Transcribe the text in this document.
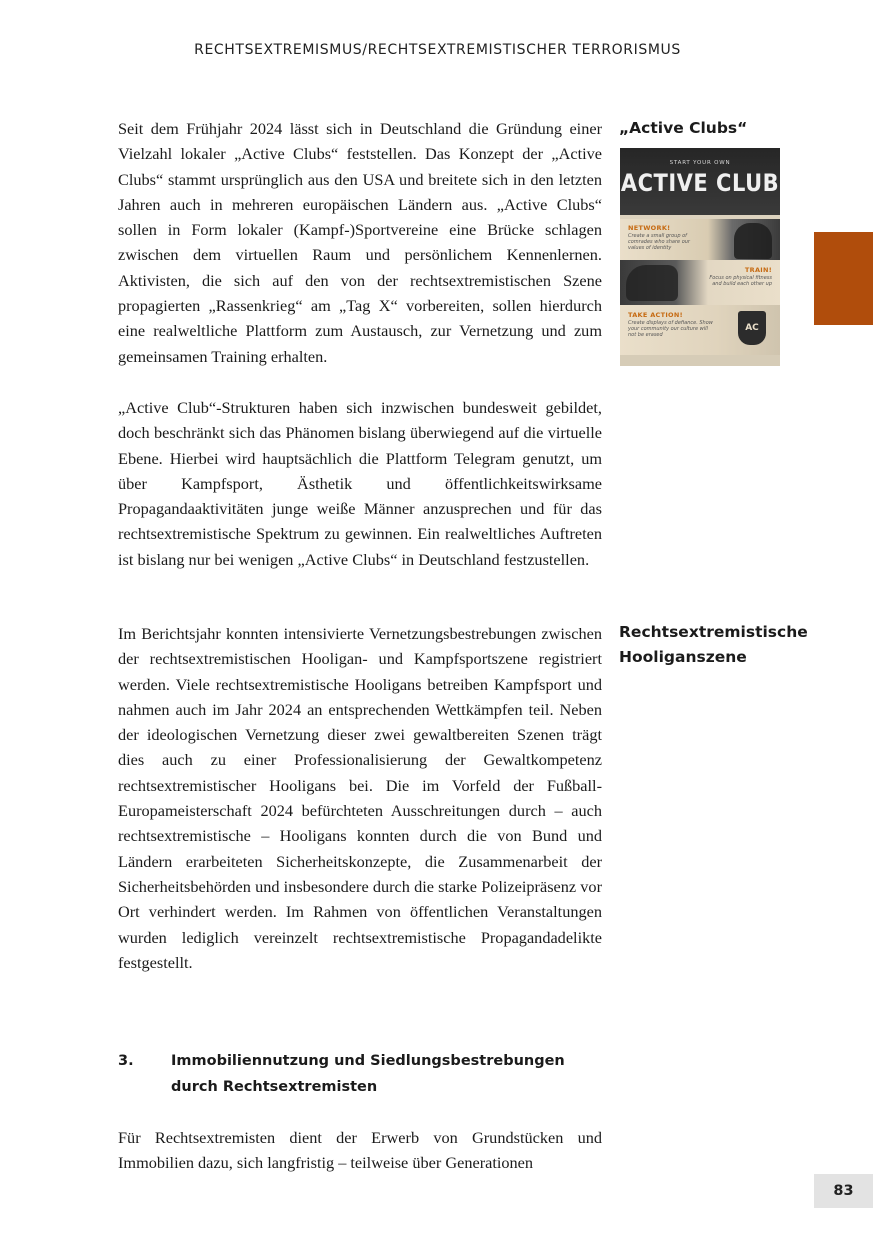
RECHTSEXTREMISMUS/RECHTSEXTREMISTISCHER TERRORISMUS

Seit dem Frühjahr 2024 lässt sich in Deutschland die Gründung einer Vielzahl lokaler „Active Clubs“ feststellen. Das Konzept der „Active Clubs“ stammt ursprünglich aus den USA und breitete sich in den letzten Jahren auch in mehreren europäischen Ländern aus. „Active Clubs“ sollen in Form lokaler (Kampf-)Sportvereine eine Brücke schlagen zwischen dem virtuellen Raum und persönlichem Kennenlernen. Aktivisten, die sich auf den von der rechtsextremistischen Szene propagierten „Rassenkrieg“ am „Tag X“ vorbereiten, sollen hierdurch eine realweltliche Plattform zum Austausch, zur Vernetzung und zum gemeinsamen Training erhalten.

„Active Club“-Strukturen haben sich inzwischen bundesweit gebildet, doch beschränkt sich das Phänomen bislang überwiegend auf die virtuelle Ebene. Hierbei wird hauptsächlich die Plattform Telegram genutzt, um über Kampfsport, Ästhetik und öffentlichkeitswirksame Propagandaaktivitäten junge weiße Männer anzusprechen und für das rechtsextremistische Spektrum zu gewinnen. Ein realweltliches Auftreten ist bislang nur bei wenigen „Active Clubs“ in Deutschland festzustellen.

Im Berichtsjahr konnten intensivierte Vernetzungsbestrebungen zwischen der rechtsextremistischen Hooligan- und Kampfsportszene registriert werden. Viele rechtsextremistische Hooligans betreiben Kampfsport und nahmen auch im Jahr 2024 an entsprechenden Wettkämpfen teil. Neben der ideologischen Vernetzung dieser zwei gewaltbereiten Szenen trägt dies auch zu einer Professionalisierung der Gewaltkompetenz rechtsextremistischer Hooligans bei. Die im Vorfeld der Fußball-Europameisterschaft 2024 befürchteten Ausschreitungen durch – auch rechtsextremistische – Hooligans konnten durch die von Bund und Ländern erarbeiteten Sicherheitskonzepte, die Zusammenarbeit der Sicherheitsbehörden und insbesondere durch die starke Polizeipräsenz vor Ort verhindert werden. Im Rahmen von öffentlichen Veranstaltungen wurden lediglich vereinzelt rechtsextremistische Propagandadelikte festgestellt.

Für Rechtsextremisten dient der Erwerb von Grundstücken und Immobilien dazu, sich langfristig – teilweise über Generationen

„Active Clubs“
Rechtsextremistische Hooliganszene
START YOUR OWN
ACTIVE CLUB
NETWORK!
Create a small group of comrades who share our values of identity
TRAIN!
Focus on physical fitness and build each other up
TAKE ACTION!
Create displays of defiance. Show your community our culture will not be erased
AC
3.	Immobiliennutzung und Siedlungsbestrebungen durch Rechtsextremisten
83
